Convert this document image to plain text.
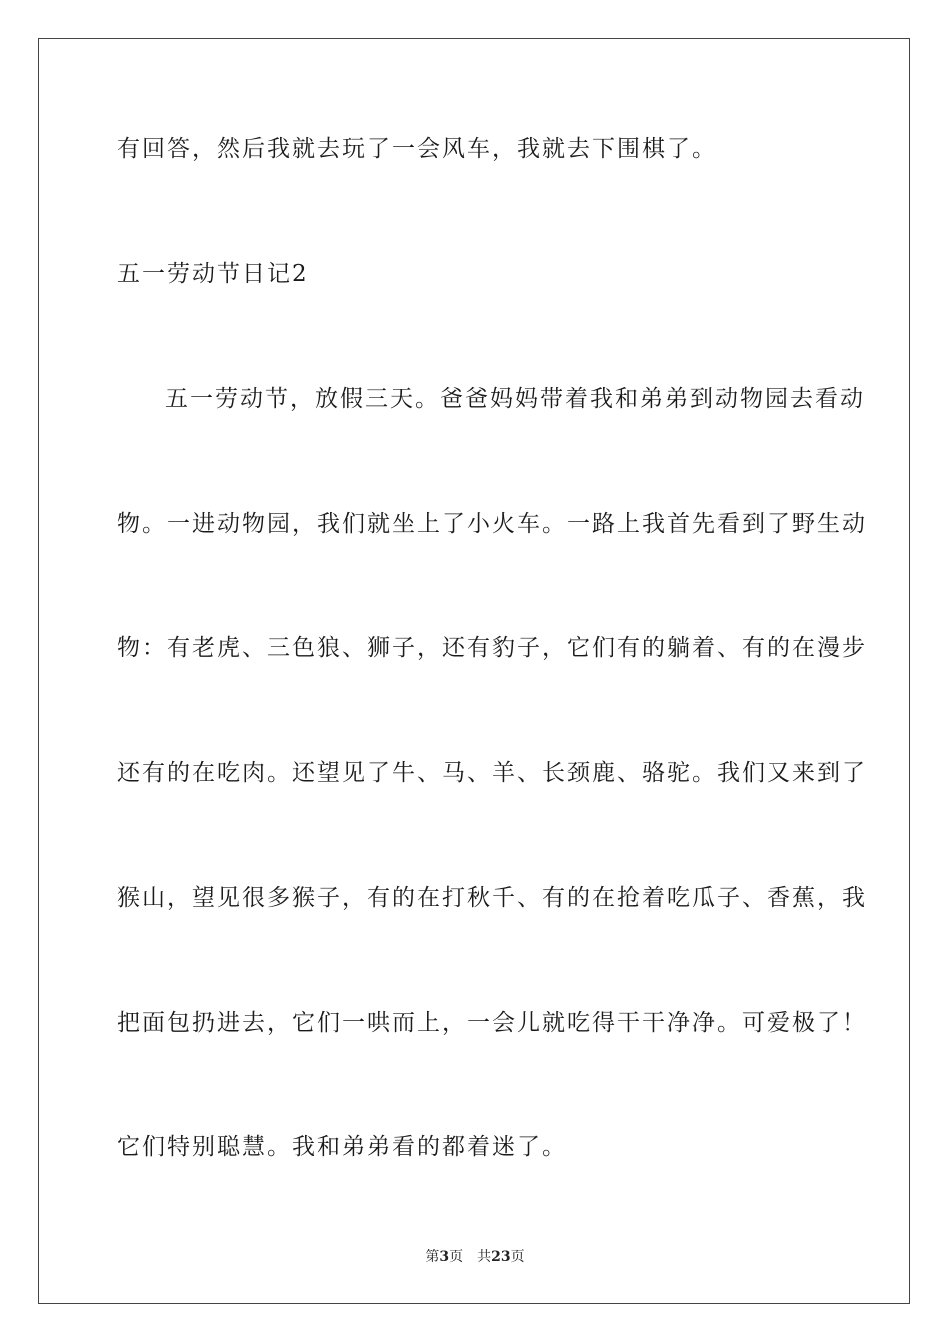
有回答，然后我就去玩了一会风车，我就去下围棋了。
五一劳动节日记2
五一劳动节，放假三天。爸爸妈妈带着我和弟弟到动物园去看动
物。一进动物园，我们就坐上了小火车。一路上我首先看到了野生动
物：有老虎、三色狼、狮子，还有豹子，它们有的躺着、有的在漫步
还有的在吃肉。还望见了牛、马、羊、长颈鹿、骆驼。我们又来到了
猴山，望见很多猴子，有的在打秋千、有的在抢着吃瓜子、香蕉，我
把面包扔进去，它们一哄而上，一会儿就吃得干干净净。可爱极了！
它们特别聪慧。我和弟弟看的都着迷了。
第3页 共23页
